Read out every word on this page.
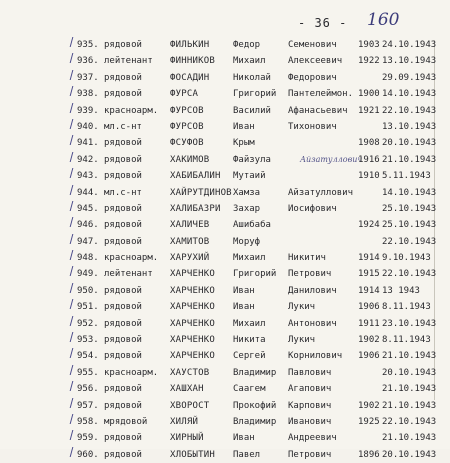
- 36 - 160
Айзатуллович
935. рядовой	ФИЛЬКИН	Федор	Семенович 1903 24.10.1943
936. лейтенант ФИННИКОВ Михаил Алексеевич 1922 13.10.1943
937. рядовой	ФОСАДИН	Николай Федорович	29.09.1943
938. рядовой	ФУРСА	Григорий Пантелеймон. 1900 14.10.1943
939. красноарм. ФУРСОВ	Василий Афанасьевич 1921 22.10.1943
940. мл.с-нт	ФУРСОВ	Иван	Тихонович	13.10.1943
941. рядовой	ФСУФОВ	Крым	1908 20.10.1943
942. рядовой	ХАКИМОВ	Файзула	1916 21.10.1943
943. рядовой	ХАБИБАЛИН Мутаий	1910 5.11.1943
944. мл.с-нт	ХАЙРУТДИНОВ Хамза	Айзатуллович	14.10.1943
945. рядовой	ХАЛИБАЗРИ Захар	Иосифович	25.10.1943
946. рядовой	ХАЛИЧЕВ	Ашибаба	1924 25.10.1943
947. рядовой	ХАМИТОВ	Моруф	22.10.1943
948. красноарм. ХАРУХИЙ	Михаил Никитич	1914 9.10.1943
949. лейтенант ХАРЧЕНКО Григорий Петрович	1915 22.10.1943
950. рядовой	ХАРЧЕНКО Иван	Данилович 1914 13 1943
951. рядовой	ХАРЧЕНКО Иван	Лукич	1906 8.11.1943
952. рядовой	ХАРЧЕНКО Михаил Антонович 1911 23.10.1943
953. рядовой	ХАРЧЕНКО Никита Лукич	1902 8.11.1943
954. рядовой	ХАРЧЕНКО Сергей Корнилович 1906 21.10.1943
955. красноарм. ХАУСТОВ	Владимир Павлович	20.10.1943
956. рядовой	ХАШХАН	Саагем Агапович	21.10.1943
957. рядовой	ХВОРОСТ	Прокофий Карпович	1902 21.10.1943
958. мрядовой	ХИЛЯЙ	Владимир Иванович	1925 22.10.1943
959. рядовой	ХИРНЫЙ	Иван	Андреевич	21.10.1943
960. рядовой	ХЛОБЫТИН Павел	Петрович	1896 20.10.1943
